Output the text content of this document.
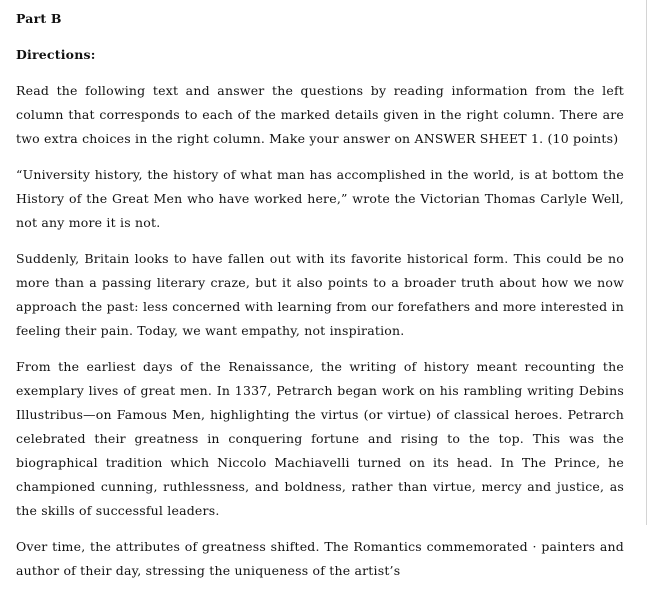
Part B
Directions:

Read the following text and answer the questions by reading information from the left column that corresponds to each of the marked details given in the right column. There are two extra choices in the right column. Make your answer on ANSWER SHEET 1. (10 points)

“University history, the history of what man has accomplished in the world, is at bottom the History of the Great Men who have worked here,” wrote the Victorian Thomas Carlyle Well, not any more it is not.

Suddenly, Britain looks to have fallen out with its favorite historical form. This could be no more than a passing literary craze, but it also points to a broader truth about how we now approach the past: less concerned with learning from our forefathers and more interested in feeling their pain. Today, we want empathy, not inspiration.

From the earliest days of the Renaissance, the writing of history meant recounting the exemplary lives of great men. In 1337, Petrarch began work on his rambling writing Debins Illustribus—on Famous Men, highlighting the virtus (or virtue) of classical heroes. Petrarch celebrated their greatness in conquering fortune and rising to the top. This was the biographical tradition which Niccolo Machiavelli turned on its head. In The Prince, he championed cunning, ruthlessness, and boldness, rather than virtue, mercy and justice, as the skills of successful leaders.

Over time, the attributes of greatness shifted. The Romantics commemorated · painters and author of their day, stressing the uniqueness of the artist’s
